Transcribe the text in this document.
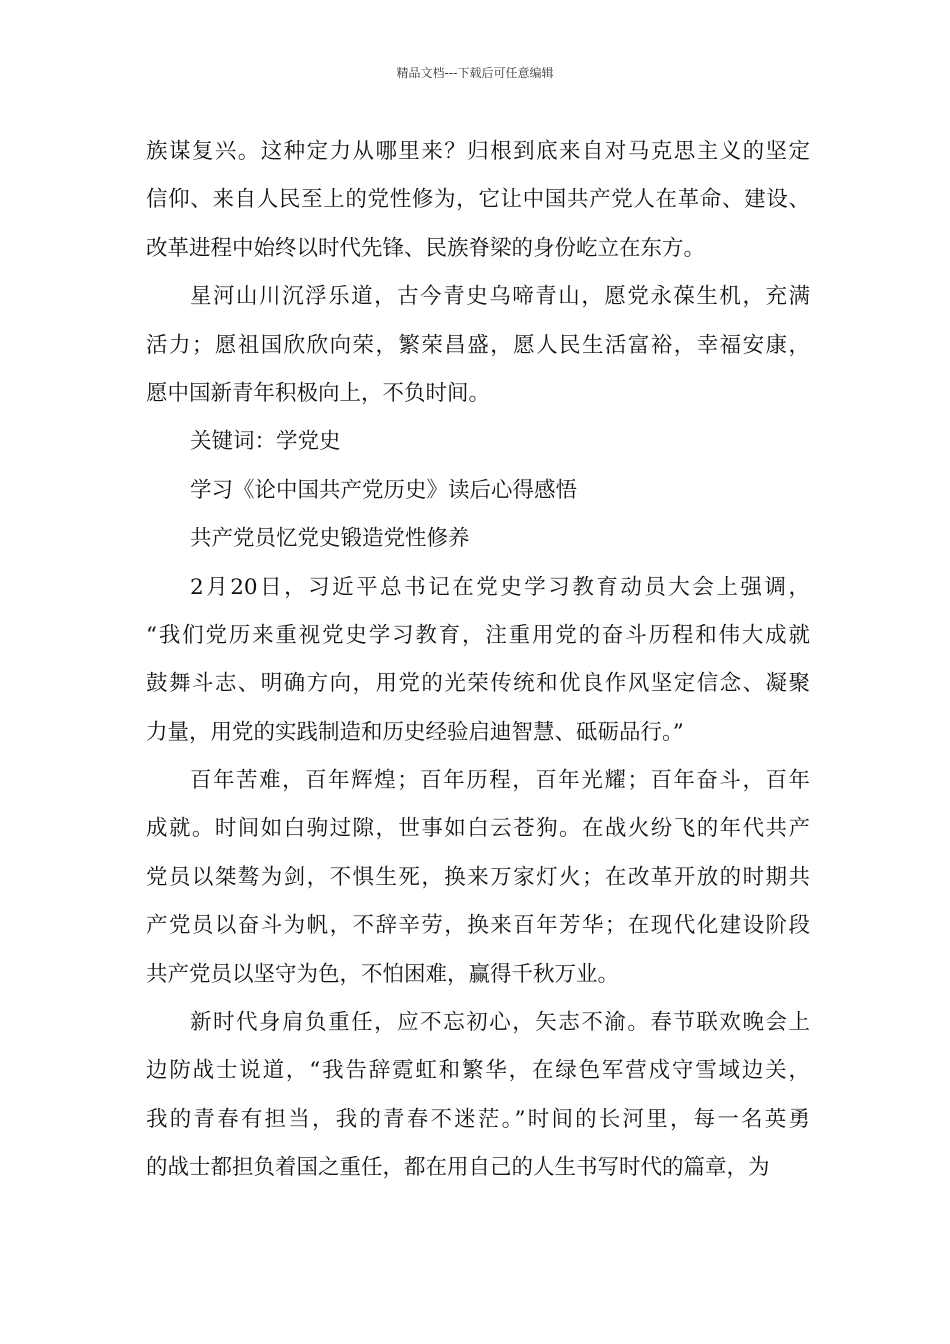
精品文档---下载后可任意编辑
族谋复兴。这种定力从哪里来？归根到底来自对马克思主义的坚定
信仰、来自人民至上的党性修为，它让中国共产党人在革命、建设、
改革进程中始终以时代先锋、民族脊梁的身份屹立在东方。
星河山川沉浮乐道，古今青史乌啼青山，愿党永葆生机，充满
活力；愿祖国欣欣向荣，繁荣昌盛，愿人民生活富裕，幸福安康，
愿中国新青年积极向上，不负时间。
关键词：学党史
学习《论中国共产党历史》读后心得感悟
共产党员忆党史锻造党性修养
2月20日，习近平总书记在党史学习教育动员大会上强调，
“我们党历来重视党史学习教育，注重用党的奋斗历程和伟大成就
鼓舞斗志、明确方向，用党的光荣传统和优良作风坚定信念、凝聚
力量，用党的实践制造和历史经验启迪智慧、砥砺品行。”
百年苦难，百年辉煌；百年历程，百年光耀；百年奋斗，百年
成就。时间如白驹过隙，世事如白云苍狗。在战火纷飞的年代共产
党员以桀骜为剑，不惧生死，换来万家灯火；在改革开放的时期共
产党员以奋斗为帆，不辞辛劳，换来百年芳华；在现代化建设阶段
共产党员以坚守为色，不怕困难，赢得千秋万业。
新时代身肩负重任，应不忘初心，矢志不渝。春节联欢晚会上
边防战士说道，“我告辞霓虹和繁华，在绿色军营戍守雪域边关，
我的青春有担当，我的青春不迷茫。”时间的长河里，每一名英勇
的战士都担负着国之重任，都在用自己的人生书写时代的篇章，为
